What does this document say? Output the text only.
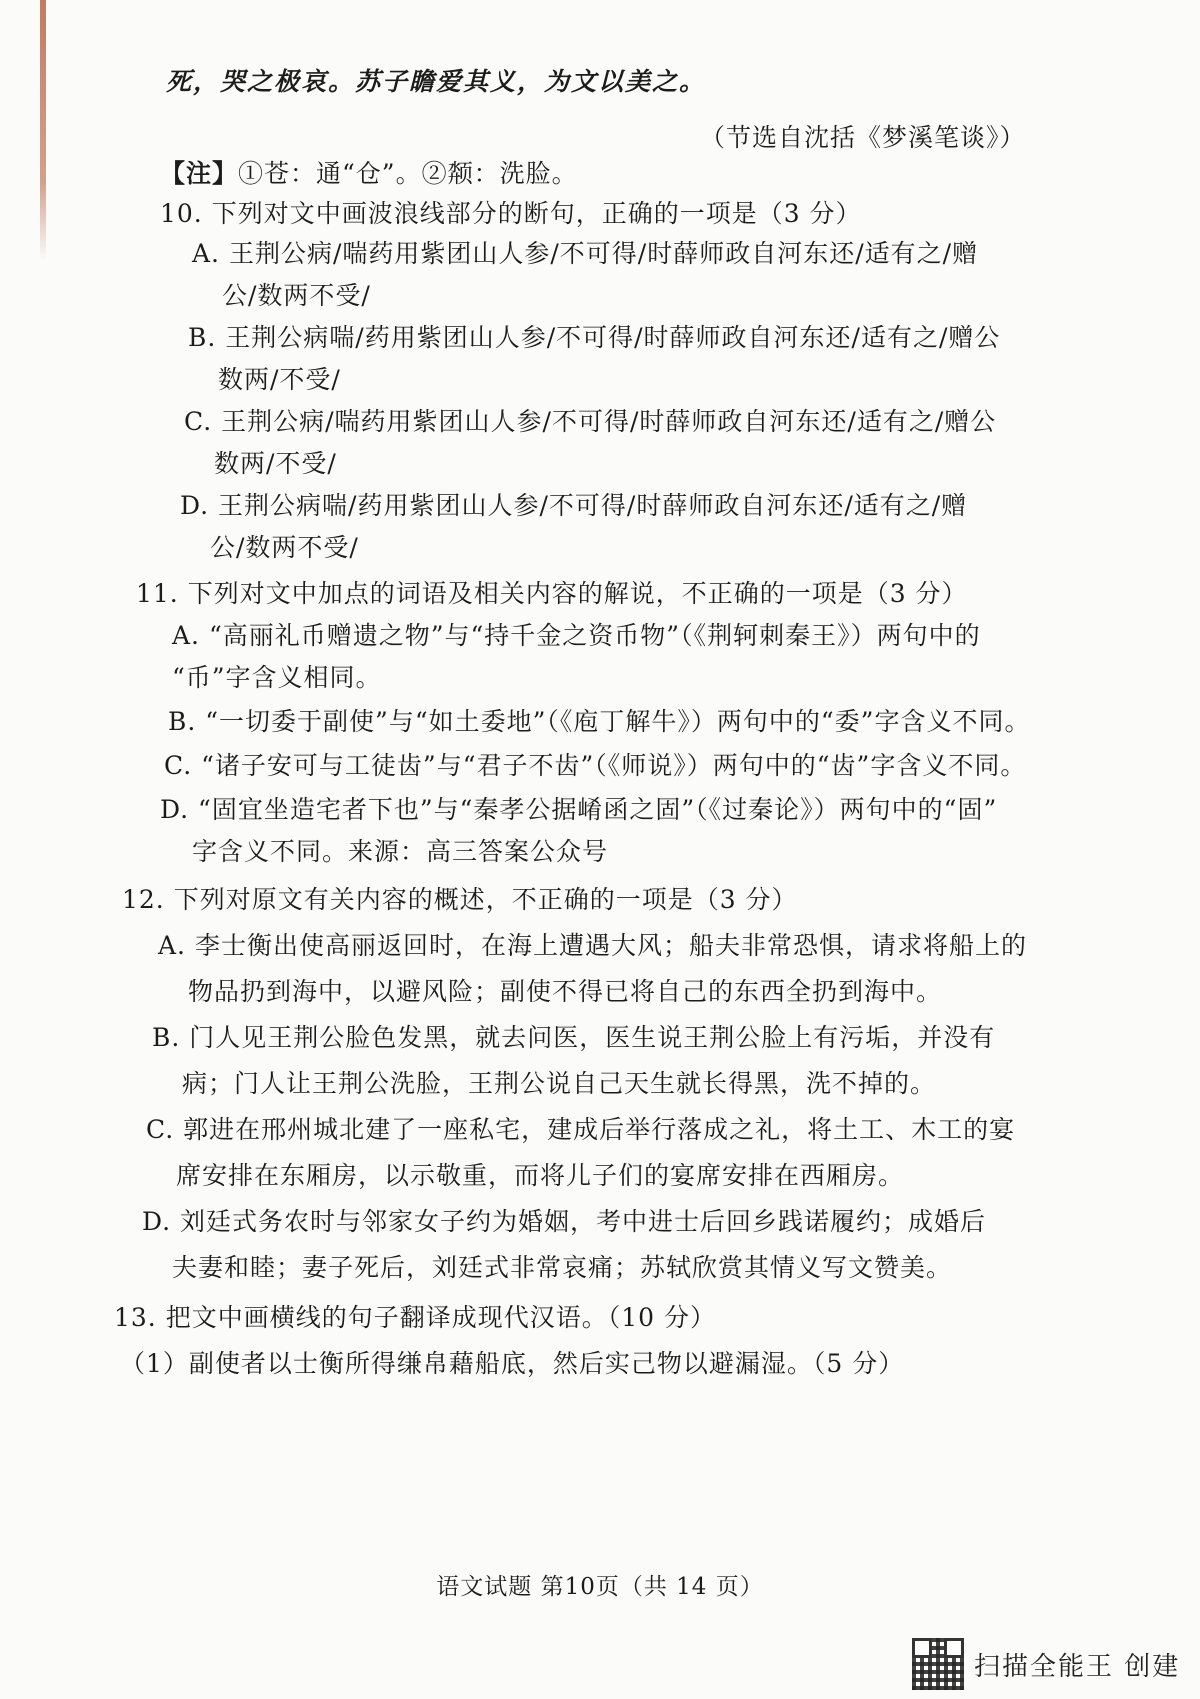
死，哭之极哀。苏子瞻爱其义，为文以美之。
（节选自沈括《梦溪笔谈》）
【注】①苍：通“仓”。②颒：洗脸。
10. 下列对文中画波浪线部分的断句，正确的一项是（3 分）
A. 王荆公病/喘药用紫团山人参/不可得/时薛师政自河东还/适有之/赠
公/数两不受/
B. 王荆公病喘/药用紫团山人参/不可得/时薛师政自河东还/适有之/赠公
数两/不受/
C. 王荆公病/喘药用紫团山人参/不可得/时薛师政自河东还/适有之/赠公
数两/不受/
D. 王荆公病喘/药用紫团山人参/不可得/时薛师政自河东还/适有之/赠
公/数两不受/
11. 下列对文中加点的词语及相关内容的解说，不正确的一项是（3 分）
A. “高丽礼币赠遗之物”与“持千金之资币物”（《荆轲刺秦王》）两句中的
“币”字含义相同。
B. “一切委于副使”与“如土委地”（《庖丁解牛》）两句中的“委”字含义不同。
C. “诸子安可与工徒齿”与“君子不齿”（《师说》）两句中的“齿”字含义不同。
D. “固宜坐造宅者下也”与“秦孝公据崤函之固”（《过秦论》）两句中的“固”
字含义不同。来源：高三答案公众号
12. 下列对原文有关内容的概述，不正确的一项是（3 分）
A. 李士衡出使高丽返回时，在海上遭遇大风；船夫非常恐惧，请求将船上的
物品扔到海中，以避风险；副使不得已将自己的东西全扔到海中。
B. 门人见王荆公脸色发黑，就去问医，医生说王荆公脸上有污垢，并没有
病；门人让王荆公洗脸，王荆公说自己天生就长得黑，洗不掉的。
C. 郭进在邢州城北建了一座私宅，建成后举行落成之礼，将土工、木工的宴
席安排在东厢房，以示敬重，而将儿子们的宴席安排在西厢房。
D. 刘廷式务农时与邻家女子约为婚姻，考中进士后回乡践诺履约；成婚后
夫妻和睦；妻子死后，刘廷式非常哀痛；苏轼欣赏其情义写文赞美。
13. 把文中画横线的句子翻译成现代汉语。（10 分）
（1）副使者以士衡所得缣帛藉船底，然后实己物以避漏湿。（5 分）
语文试题 第10页（共 14 页）
扫描全能王 创建
